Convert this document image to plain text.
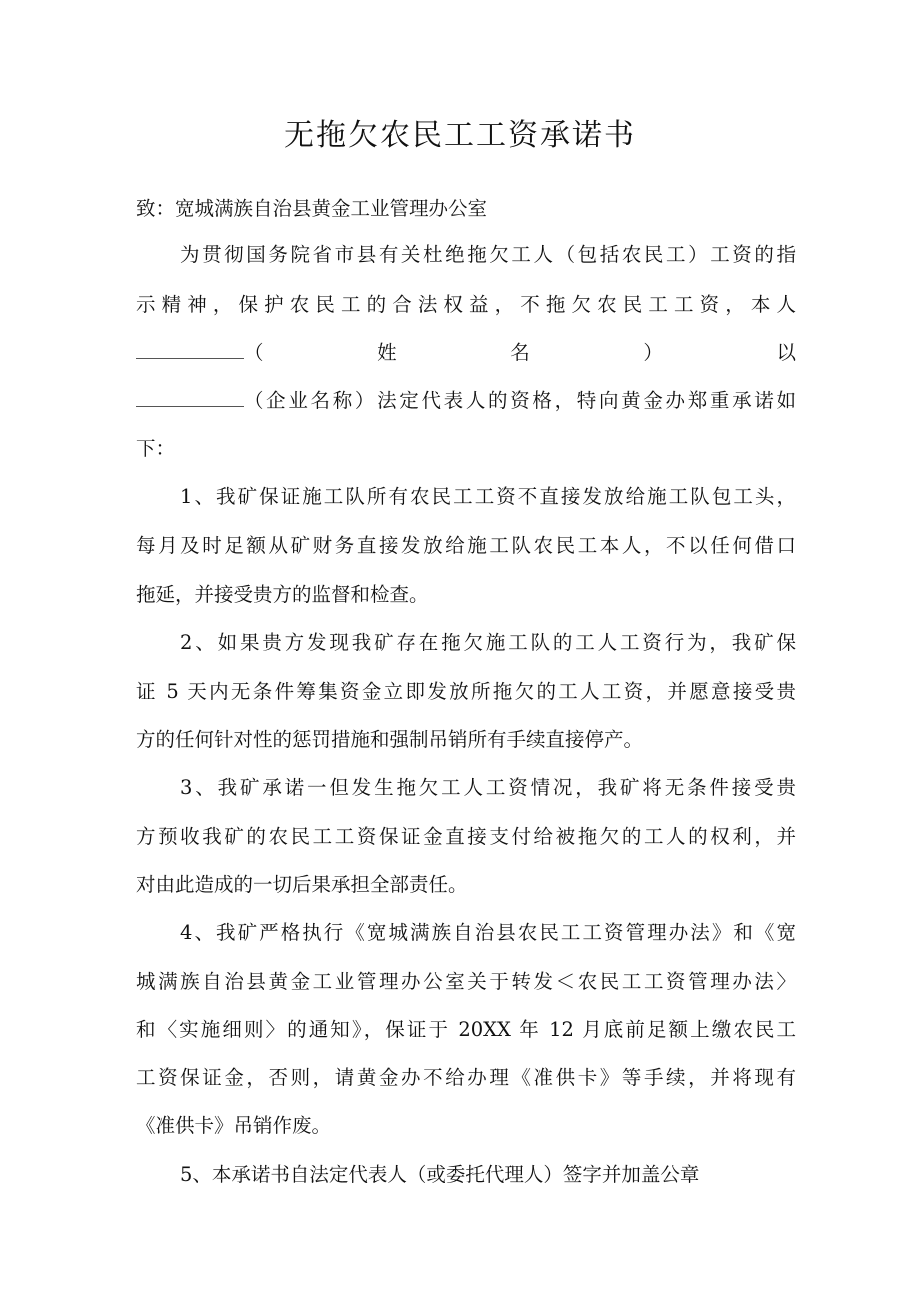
无拖欠农民工工资承诺书
致：宽城满族自治县黄金工业管理办公室
为贯彻国务院省市县有关杜绝拖欠工人（包括农民工）工资的指
示精神，保护农民工的合法权益，不拖欠农民工工资，本人
（	姓	名	）	以
（企业名称）法定代表人的资格，特向黄金办郑重承诺如
下：
1、我矿保证施工队所有农民工工资不直接发放给施工队包工头，
每月及时足额从矿财务直接发放给施工队农民工本人，不以任何借口
拖延，并接受贵方的监督和检查。
2、如果贵方发现我矿存在拖欠施工队的工人工资行为，我矿保
证 5 天内无条件筹集资金立即发放所拖欠的工人工资，并愿意接受贵
方的任何针对性的惩罚措施和强制吊销所有手续直接停产。
3、我矿承诺一但发生拖欠工人工资情况，我矿将无条件接受贵
方预收我矿的农民工工资保证金直接支付给被拖欠的工人的权利，并
对由此造成的一切后果承担全部责任。
4、我矿严格执行《宽城满族自治县农民工工资管理办法》和《宽
城满族自治县黄金工业管理办公室关于转发＜农民工工资管理办法〉
和〈实施细则〉的通知》，保证于 20XX 年 12 月底前足额上缴农民工
工资保证金，否则，请黄金办不给办理《准供卡》等手续，并将现有
《准供卡》吊销作废。
5、本承诺书自法定代表人（或委托代理人）签字并加盖公章
